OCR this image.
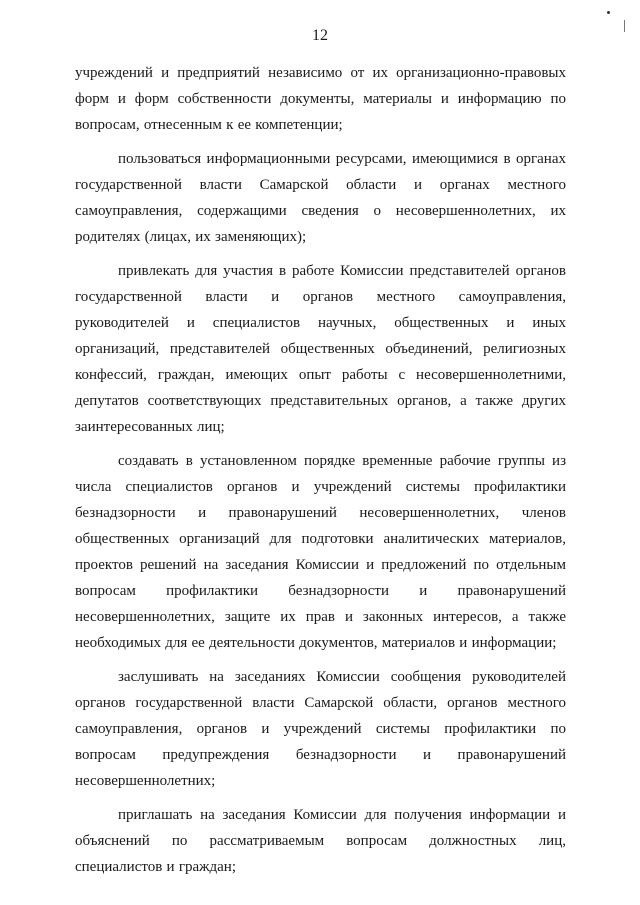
12

учреждений и предприятий независимо от их организационно-правовых форм и форм собственности документы, материалы и информацию по вопросам, отнесенным к ее компетенции;

пользоваться информационными ресурсами, имеющимися в органах государственной власти Самарской области и органах местного самоуправления, содержащими сведения о несовершеннолетних, их родителях (лицах, их заменяющих);

привлекать для участия в работе Комиссии представителей органов государственной власти и органов местного самоуправления, руководителей и специалистов научных, общественных и иных организаций, представителей общественных объединений, религиозных конфессий, граждан, имеющих опыт работы с несовершеннолетними, депутатов соответствующих представительных органов, а также других заинтересованных лиц;

создавать в установленном порядке временные рабочие группы из числа специалистов органов и учреждений системы профилактики безнадзорности и правонарушений несовершеннолетних, членов общественных организаций для подготовки аналитических материалов, проектов решений на заседания Комиссии и предложений по отдельным вопросам профилактики безнадзорности и правонарушений несовершеннолетних, защите их прав и законных интересов, а также необходимых для ее деятельности документов, материалов и информации;

заслушивать на заседаниях Комиссии сообщения руководителей органов государственной власти Самарской области, органов местного самоуправления, органов и учреждений системы профилактики по вопросам предупреждения безнадзорности и правонарушений несовершеннолетних;

приглашать на заседания Комиссии для получения информации и объяснений по рассматриваемым вопросам должностных лиц, специалистов и граждан;
